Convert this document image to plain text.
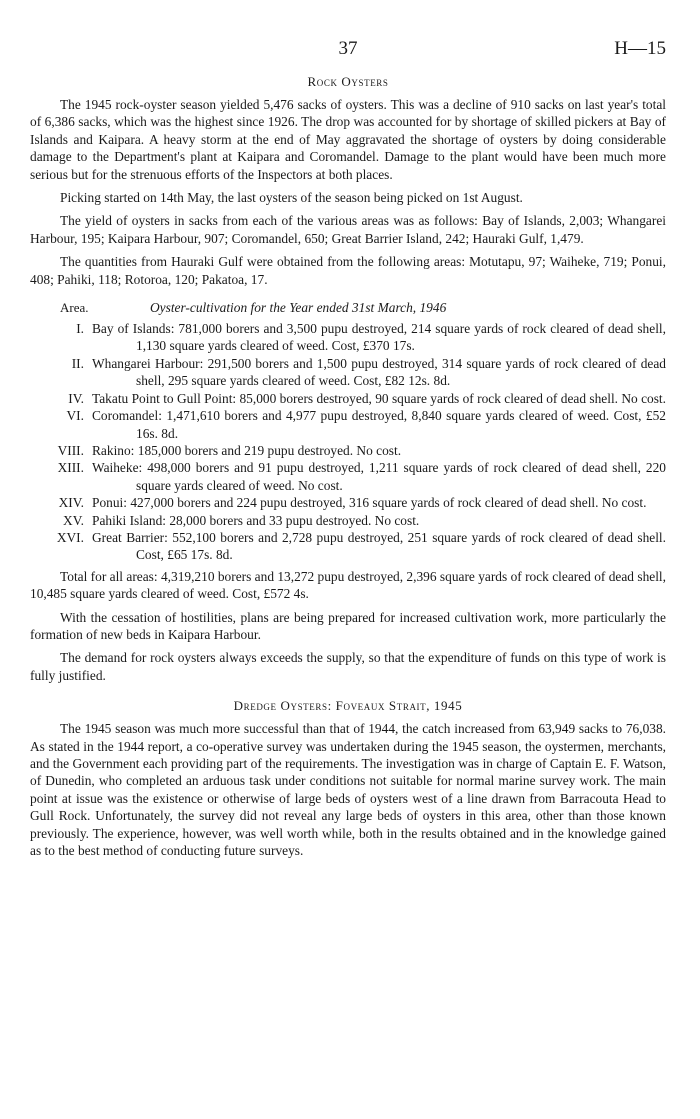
37	H—15
Rock Oysters

The 1945 rock-oyster season yielded 5,476 sacks of oysters. This was a decline of 910 sacks on last year's total of 6,386 sacks, which was the highest since 1926. The drop was accounted for by shortage of skilled pickers at Bay of Islands and Kaipara. A heavy storm at the end of May aggravated the shortage of oysters by doing considerable damage to the Department's plant at Kaipara and Coromandel. Damage to the plant would have been much more serious but for the strenuous efforts of the Inspectors at both places.

Picking started on 14th May, the last oysters of the season being picked on 1st August.

The yield of oysters in sacks from each of the various areas was as follows: Bay of Islands, 2,003; Whangarei Harbour, 195; Kaipara Harbour, 907; Coromandel, 650; Great Barrier Island, 242; Hauraki Gulf, 1,479.

The quantities from Hauraki Gulf were obtained from the following areas: Motutapu, 97; Waiheke, 719; Ponui, 408; Pahiki, 118; Rotoroa, 120; Pakatoa, 17.

Area.	Oyster-cultivation for the Year ended 31st March, 1946
I. Bay of Islands: 781,000 borers and 3,500 pupu destroyed, 214 square yards of rock cleared of dead shell, 1,130 square yards cleared of weed. Cost, £370 17s.
II. Whangarei Harbour: 291,500 borers and 1,500 pupu destroyed, 314 square yards of rock cleared of dead shell, 295 square yards cleared of weed. Cost, £82 12s. 8d.
IV. Takatu Point to Gull Point: 85,000 borers destroyed, 90 square yards of rock cleared of dead shell. No cost.
VI. Coromandel: 1,471,610 borers and 4,977 pupu destroyed, 8,840 square yards cleared of weed. Cost, £52 16s. 8d.
VIII. Rakino: 185,000 borers and 219 pupu destroyed. No cost.
XIII. Waiheke: 498,000 borers and 91 pupu destroyed, 1,211 square yards of rock cleared of dead shell, 220 square yards cleared of weed. No cost.
XIV. Ponui: 427,000 borers and 224 pupu destroyed, 316 square yards of rock cleared of dead shell. No cost.
XV. Pahiki Island: 28,000 borers and 33 pupu destroyed. No cost.
XVI. Great Barrier: 552,100 borers and 2,728 pupu destroyed, 251 square yards of rock cleared of dead shell. Cost, £65 17s. 8d.

Total for all areas: 4,319,210 borers and 13,272 pupu destroyed, 2,396 square yards of rock cleared of dead shell, 10,485 square yards cleared of weed. Cost, £572 4s.

With the cessation of hostilities, plans are being prepared for increased cultivation work, more particularly the formation of new beds in Kaipara Harbour.

The demand for rock oysters always exceeds the supply, so that the expenditure of funds on this type of work is fully justified.

Dredge Oysters: Foveaux Strait, 1945

The 1945 season was much more successful than that of 1944, the catch increased from 63,949 sacks to 76,038. As stated in the 1944 report, a co-operative survey was undertaken during the 1945 season, the oystermen, merchants, and the Government each providing part of the requirements. The investigation was in charge of Captain E. F. Watson, of Dunedin, who completed an arduous task under conditions not suitable for normal marine survey work. The main point at issue was the existence or otherwise of large beds of oysters west of a line drawn from Barracouta Head to Gull Rock. Unfortunately, the survey did not reveal any large beds of oysters in this area, other than those known previously. The experience, however, was well worth while, both in the results obtained and in the knowledge gained as to the best method of conducting future surveys.
